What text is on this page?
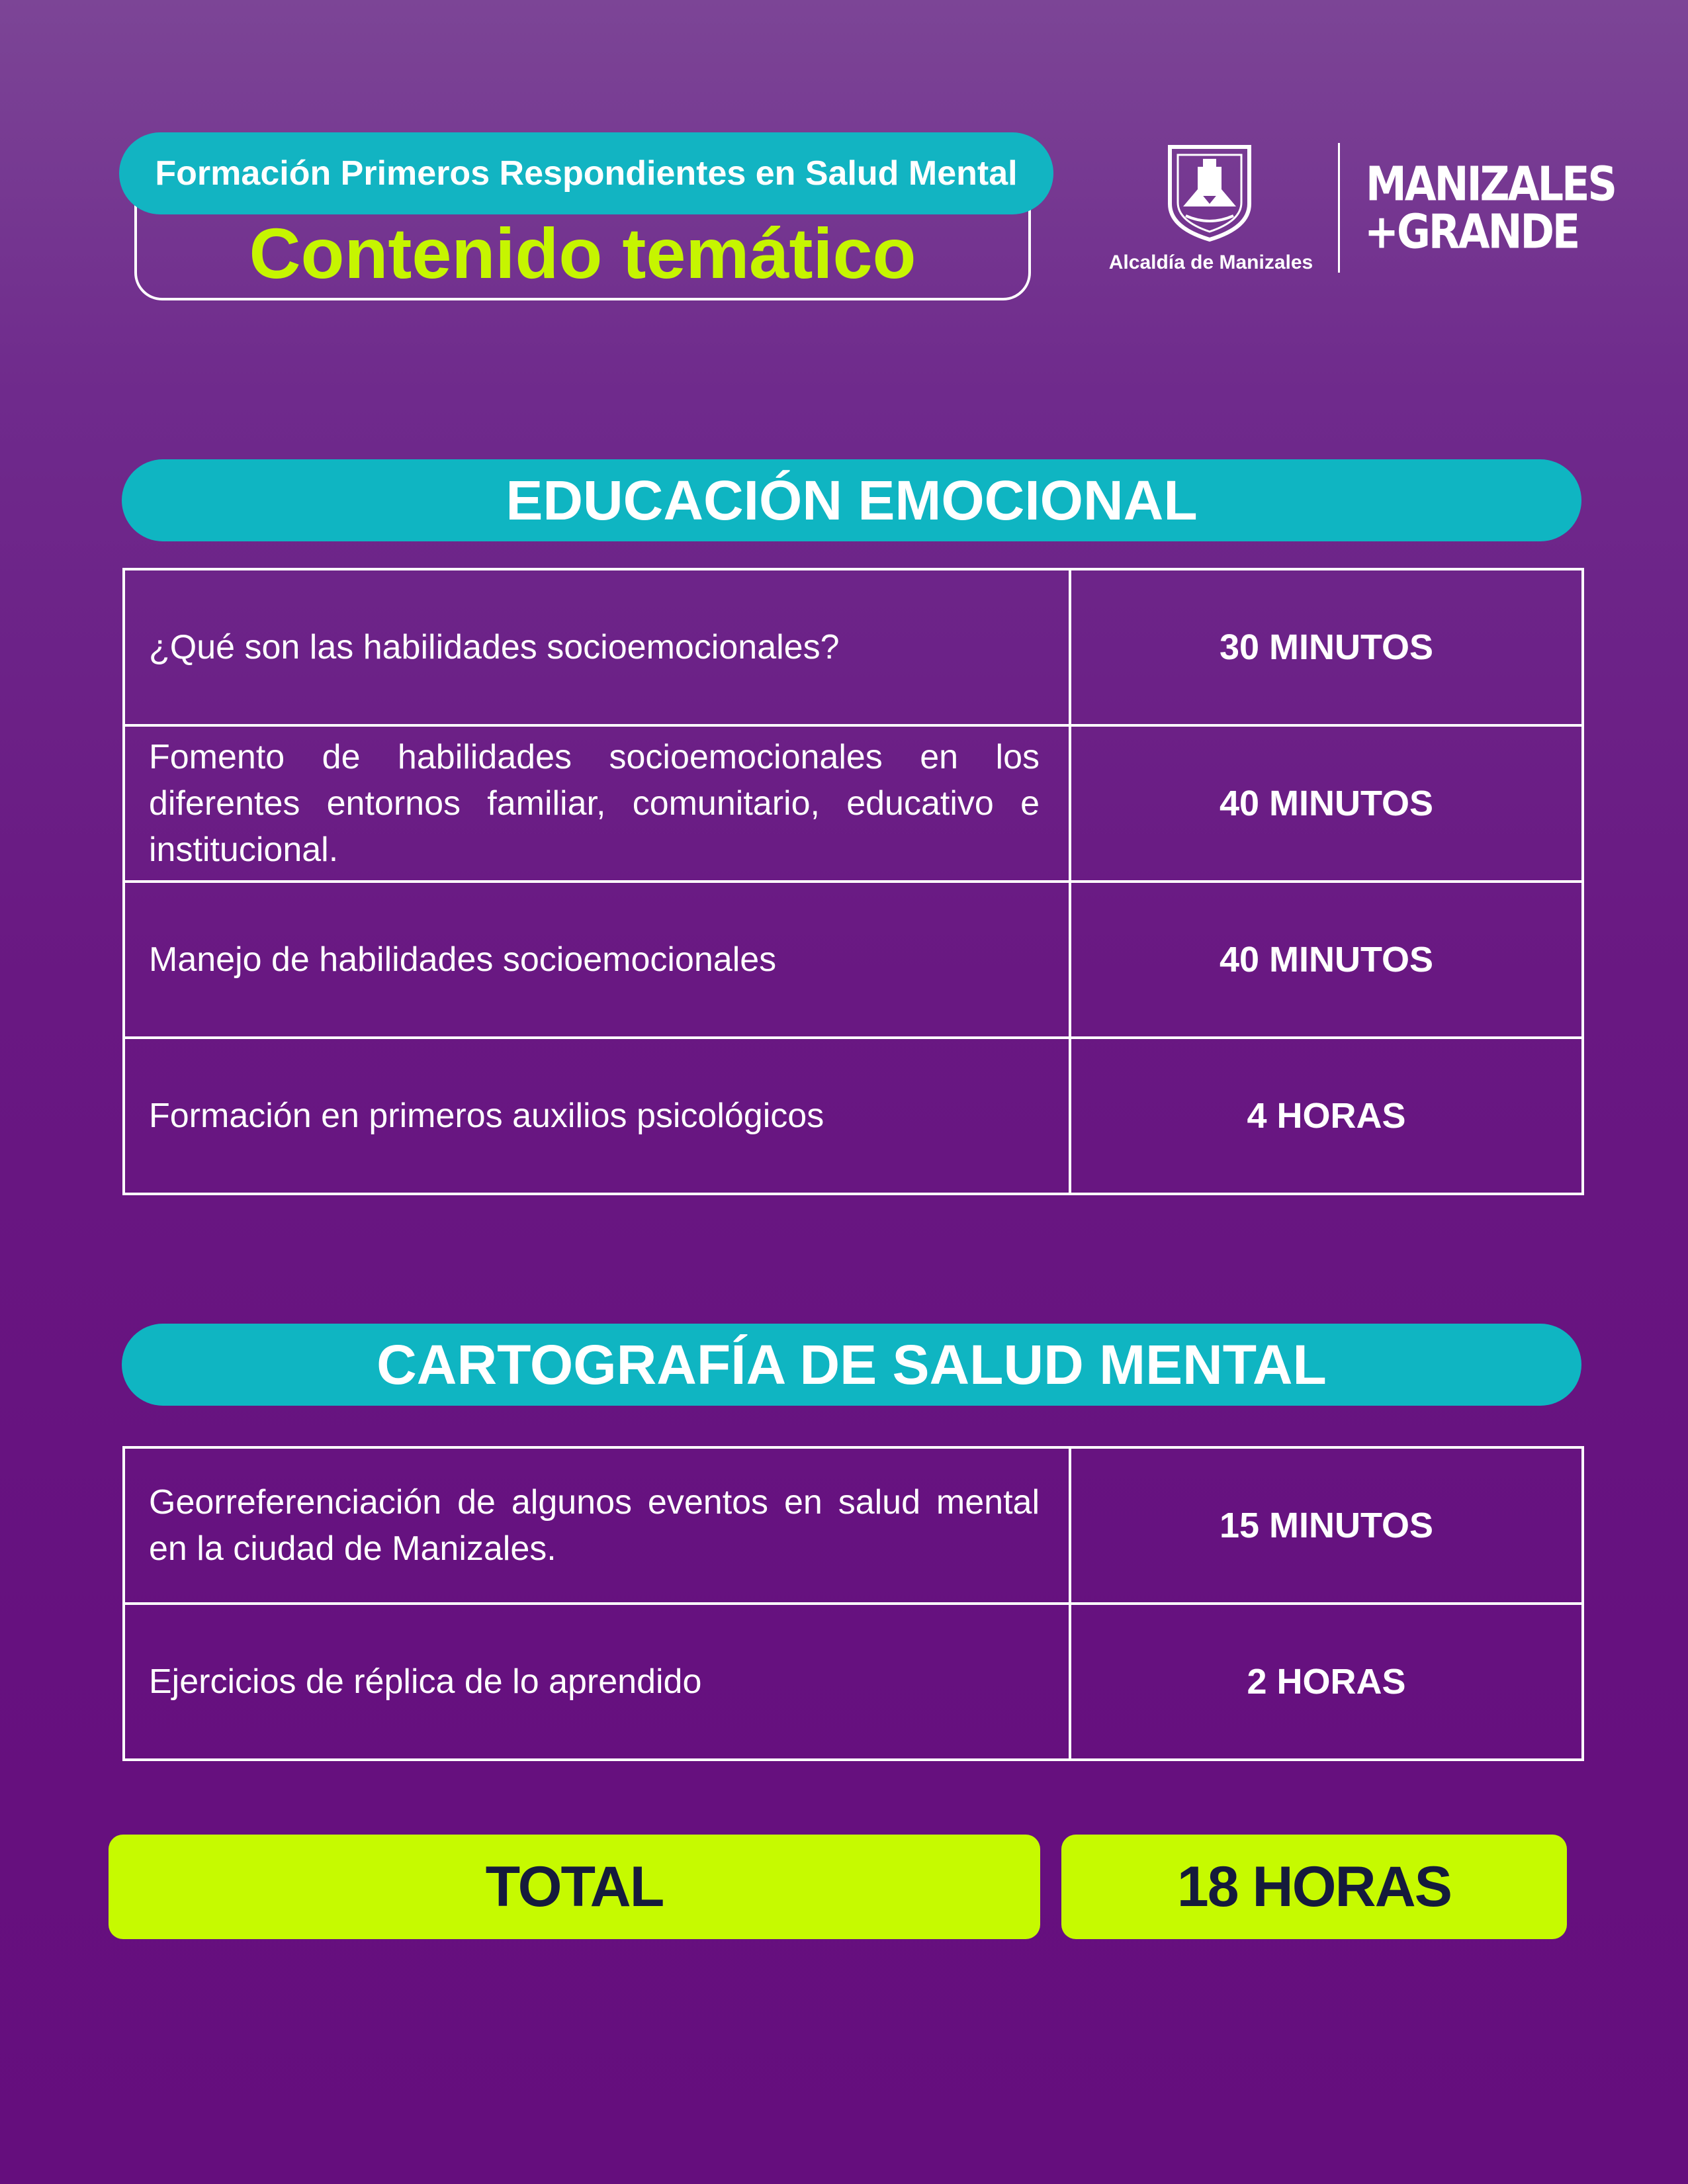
Formación Primeros Respondientes en Salud Mental
Contenido temático	Alcaldía de Manizales
MANIZALES
+GRANDE
EDUCACIÓN EMOCIONAL
¿Qué son las habilidades socioemocionales?	30 MINUTOS
Fomento de habilidades socioemocionales en los diferentes entornos familiar, comunitario, educativo e institucional.	40 MINUTOS
Manejo de habilidades socioemocionales	40 MINUTOS
Formación en primeros auxilios psicológicos	4 HORAS
CARTOGRAFÍA DE SALUD MENTAL
Georreferenciación de algunos eventos en salud mental en la ciudad de Manizales.	15 MINUTOS
Ejercicios de réplica de lo aprendido	2 HORAS
TOTAL	18 HORAS
